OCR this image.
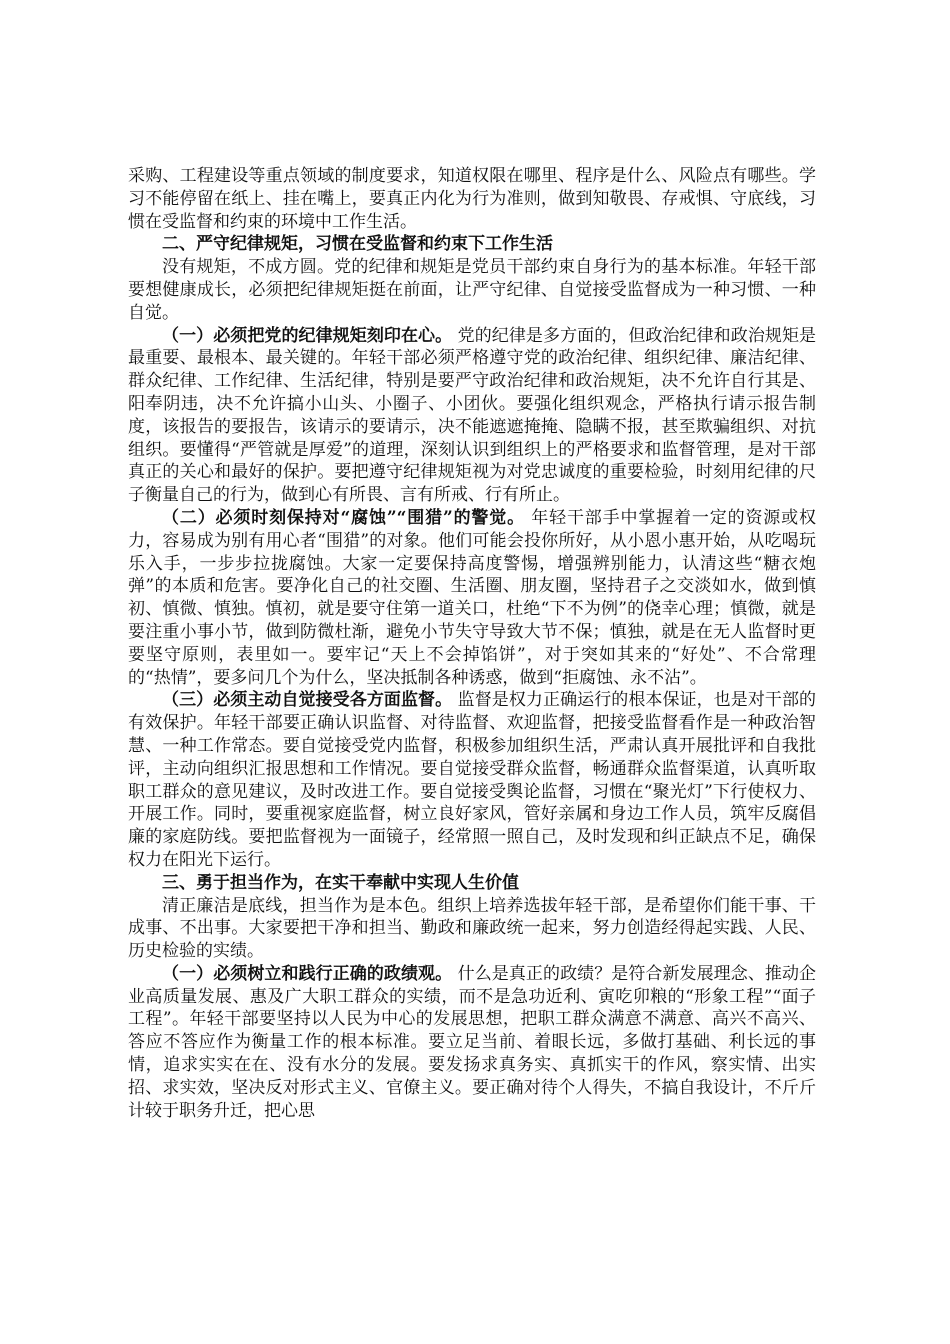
采购、工程建设等重点领域的制度要求，知道权限在哪里、程序是什么、风险点有哪些。学习不能停留在纸上、挂在嘴上，要真正内化为行为准则，做到知敬畏、存戒惧、守底线，习惯在受监督和约束的环境中工作生活。

二、严守纪律规矩，习惯在受监督和约束下工作生活

没有规矩，不成方圆。党的纪律和规矩是党员干部约束自身行为的基本标准。年轻干部要想健康成长，必须把纪律规矩挺在前面，让严守纪律、自觉接受监督成为一种习惯、一种自觉。

（一）必须把党的纪律规矩刻印在心。 党的纪律是多方面的，但政治纪律和政治规矩是最重要、最根本、最关键的。年轻干部必须严格遵守党的政治纪律、组织纪律、廉洁纪律、群众纪律、工作纪律、生活纪律，特别是要严守政治纪律和政治规矩，决不允许自行其是、阳奉阴违，决不允许搞小山头、小圈子、小团伙。要强化组织观念，严格执行请示报告制度，该报告的要报告，该请示的要请示，决不能遮遮掩掩、隐瞒不报，甚至欺骗组织、对抗组织。要懂得“严管就是厚爱”的道理，深刻认识到组织上的严格要求和监督管理，是对干部真正的关心和最好的保护。要把遵守纪律规矩视为对党忠诚度的重要检验，时刻用纪律的尺子衡量自己的行为，做到心有所畏、言有所戒、行有所止。

（二）必须时刻保持对“腐蚀”“围猎”的警觉。 年轻干部手中掌握着一定的资源或权力，容易成为别有用心者“围猎”的对象。他们可能会投你所好，从小恩小惠开始，从吃喝玩乐入手，一步步拉拢腐蚀。大家一定要保持高度警惕，增强辨别能力，认清这些“糖衣炮弹”的本质和危害。要净化自己的社交圈、生活圈、朋友圈，坚持君子之交淡如水，做到慎初、慎微、慎独。慎初，就是要守住第一道关口，杜绝“下不为例”的侥幸心理；慎微，就是要注重小事小节，做到防微杜渐，避免小节失守导致大节不保；慎独，就是在无人监督时更要坚守原则，表里如一。要牢记“天上不会掉馅饼”，对于突如其来的“好处”、不合常理的“热情”，要多问几个为什么，坚决抵制各种诱惑，做到“拒腐蚀、永不沾”。

（三）必须主动自觉接受各方面监督。 监督是权力正确运行的根本保证，也是对干部的有效保护。年轻干部要正确认识监督、对待监督、欢迎监督，把接受监督看作是一种政治智慧、一种工作常态。要自觉接受党内监督，积极参加组织生活，严肃认真开展批评和自我批评，主动向组织汇报思想和工作情况。要自觉接受群众监督，畅通群众监督渠道，认真听取职工群众的意见建议，及时改进工作。要自觉接受舆论监督，习惯在“聚光灯”下行使权力、开展工作。同时，要重视家庭监督，树立良好家风，管好亲属和身边工作人员，筑牢反腐倡廉的家庭防线。要把监督视为一面镜子，经常照一照自己，及时发现和纠正缺点不足，确保权力在阳光下运行。

三、勇于担当作为，在实干奉献中实现人生价值

清正廉洁是底线，担当作为是本色。组织上培养选拔年轻干部，是希望你们能干事、干成事、不出事。大家要把干净和担当、勤政和廉政统一起来，努力创造经得起实践、人民、历史检验的实绩。

（一）必须树立和践行正确的政绩观。 什么是真正的政绩？是符合新发展理念、推动企业高质量发展、惠及广大职工群众的实绩，而不是急功近利、寅吃卯粮的“形象工程”“面子工程”。年轻干部要坚持以人民为中心的发展思想，把职工群众满意不满意、高兴不高兴、答应不答应作为衡量工作的根本标准。要立足当前、着眼长远，多做打基础、利长远的事情，追求实实在在、没有水分的发展。要发扬求真务实、真抓实干的作风，察实情、出实招、求实效，坚决反对形式主义、官僚主义。要正确对待个人得失，不搞自我设计，不斤斤计较于职务升迁，把心思
